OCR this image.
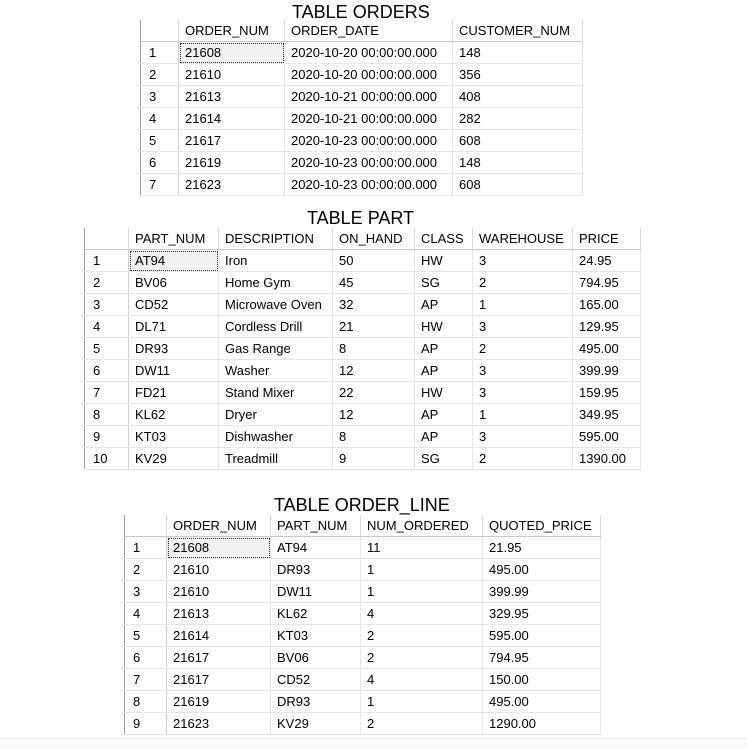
TABLE ORDERS
	ORDER_NUM	ORDER_DATE	CUSTOMER_NUM
1	21608	2020-10-20 00:00:00.000	148
2	21610	2020-10-20 00:00:00.000	356
3	21613	2020-10-21 00:00:00.000	408
4	21614	2020-10-21 00:00:00.000	282
5	21617	2020-10-23 00:00:00.000	608
6	21619	2020-10-23 00:00:00.000	148
7	21623	2020-10-23 00:00:00.000	608
TABLE PART
	PART_NUM	DESCRIPTION	ON_HAND	CLASS	WAREHOUSE	PRICE
1	AT94	Iron	50	HW	3	24.95
2	BV06	Home Gym	45	SG	2	794.95
3	CD52	Microwave Oven	32	AP	1	165.00
4	DL71	Cordless Drill	21	HW	3	129.95
5	DR93	Gas Range	8	AP	2	495.00
6	DW11	Washer	12	AP	3	399.99
7	FD21	Stand Mixer	22	HW	3	159.95
8	KL62	Dryer	12	AP	1	349.95
9	KT03	Dishwasher	8	AP	3	595.00
10	KV29	Treadmill	9	SG	2	1390.00
TABLE ORDER_LINE
	ORDER_NUM	PART_NUM	NUM_ORDERED	QUOTED_PRICE
1	21608	AT94	11	21.95
2	21610	DR93	1	495.00
3	21610	DW11	1	399.99
4	21613	KL62	4	329.95
5	21614	KT03	2	595.00
6	21617	BV06	2	794.95
7	21617	CD52	4	150.00
8	21619	DR93	1	495.00
9	21623	KV29	2	1290.00
